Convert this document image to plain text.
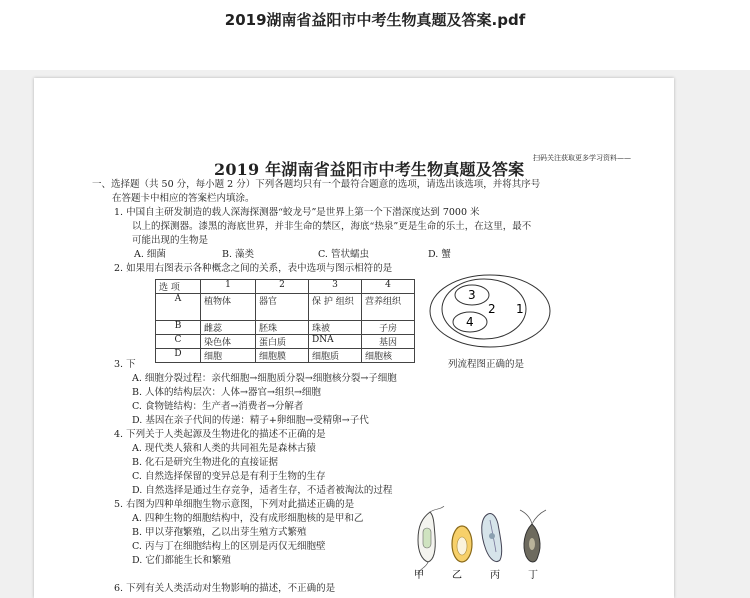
2019湖南省益阳市中考生物真题及答案.pdf
2019 年湖南省益阳市中考生物真题及答案
扫码关注获取更多学习资料——
一、选择题（共 50 分，每小题 2 分）下列各题均只有一个最符合题意的选项，请选出该选项，并将其序号
在答题卡中相应的答案栏内填涂。
1. 中国自主研发制造的载人深海探测器“蛟龙号”是世界上第一个下潜深度达到 7000 米
以上的探测器。漆黑的海底世界，并非生命的禁区，海底“热泉”更是生命的乐土，在这里，最不
可能出现的生物是
A. 细菌	B. 藻类	C. 管状蠕虫	D. 蟹
2. 如果用右图表示各种概念之间的关系，表中选项与图示相符的是
选 项	1	2	3	4
A	植物体	器官	保 护 组织	营养组织
B	雌蕊	胚珠	珠被	子房
C	染色体	蛋白质	DNA	基因
D	细胞	细胞膜	细胞质	细胞核
3
2
4
1
3. 下	列流程图正确的是
A. 细胞分裂过程：亲代细胞→细胞质分裂→细胞核分裂→子细胞
B. 人体的结构层次：人体→器官→组织→细胞
C. 食物链结构：生产者→消费者→分解者
D. 基因在亲子代间的传递：精子+卵细胞→受精卵→子代
4. 下列关于人类起源及生物进化的描述不正确的是
A. 现代类人猿和人类的共同祖先是森林古猿
B. 化石是研究生物进化的直接证据
C. 自然选择保留的变异总是有利于生物的生存
D. 自然选择是通过生存竞争，适者生存，不适者被淘汰的过程
5. 右图为四种单细胞生物示意图，下列对此描述正确的是
A. 四种生物的细胞结构中，没有成形细胞核的是甲和乙
B. 甲以芽孢繁殖，乙以出芽生殖方式繁殖
C. 丙与丁在细胞结构上的区别是丙仅无细胞壁
D. 它们都能生长和繁殖
甲	乙	丙	丁
6. 下列有关人类活动对生物影响的描述，不正确的是
